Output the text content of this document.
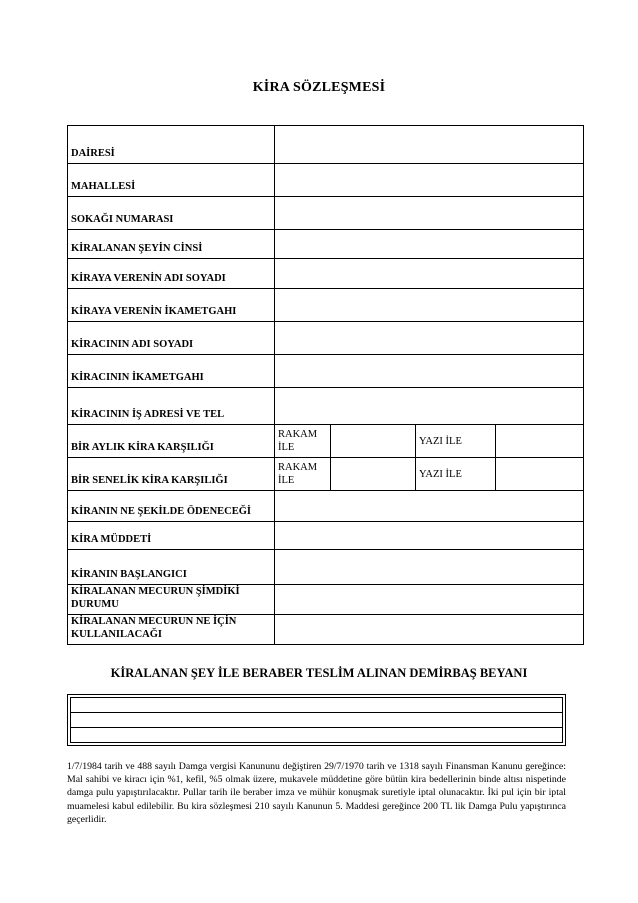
KİRA SÖZLEŞMESİ
DAİRESİ				
MAHALLESİ				
SOKAĞI NUMARASI				
KİRALANAN ŞEYİN CİNSİ				
KİRAYA VERENİN ADI SOYADI				
KİRAYA VERENİN İKAMETGAHI				
KİRACININ ADI SOYADI				
KİRACININ İKAMETGAHI				
KİRACININ İŞ ADRESİ VE TEL				
BİR AYLIK KİRA KARŞILIĞI	RAKAM İLE		YAZI İLE	
BİR SENELİK KİRA KARŞILIĞI	RAKAM İLE		YAZI İLE	
KİRANIN NE ŞEKİLDE ÖDENECEĞİ				
KİRA MÜDDETİ				
KİRANIN BAŞLANGICI				
KİRALANAN MECURUN ŞİMDİKİ DURUMU				
KİRALANAN MECURUN NE İÇİN KULLANILACAĞI				
KİRALANAN ŞEY İLE BERABER TESLİM ALINAN DEMİRBAŞ BEYANI

1/7/1984 tarih ve 488 sayılı Damga vergisi Kanununu değiştiren 29/7/1970 tarih ve 1318 sayılı Finansman Kanunu gereğince: Mal sahibi ve kiracı için %1, kefil, %5 olmak üzere, mukavele müddetine göre bütün kira bedellerinin binde altısı nispetinde damga pulu yapıştırılacaktır. Pullar tarih ile beraber imza ve mühür konuşmak suretiyle iptal olunacaktır. İki pul için bir iptal muamelesi kabul edilebilir. Bu kira sözleşmesi 210 sayılı Kanunun 5. Maddesi gereğince 200 TL lik Damga Pulu yapıştırınca geçerlidir.
